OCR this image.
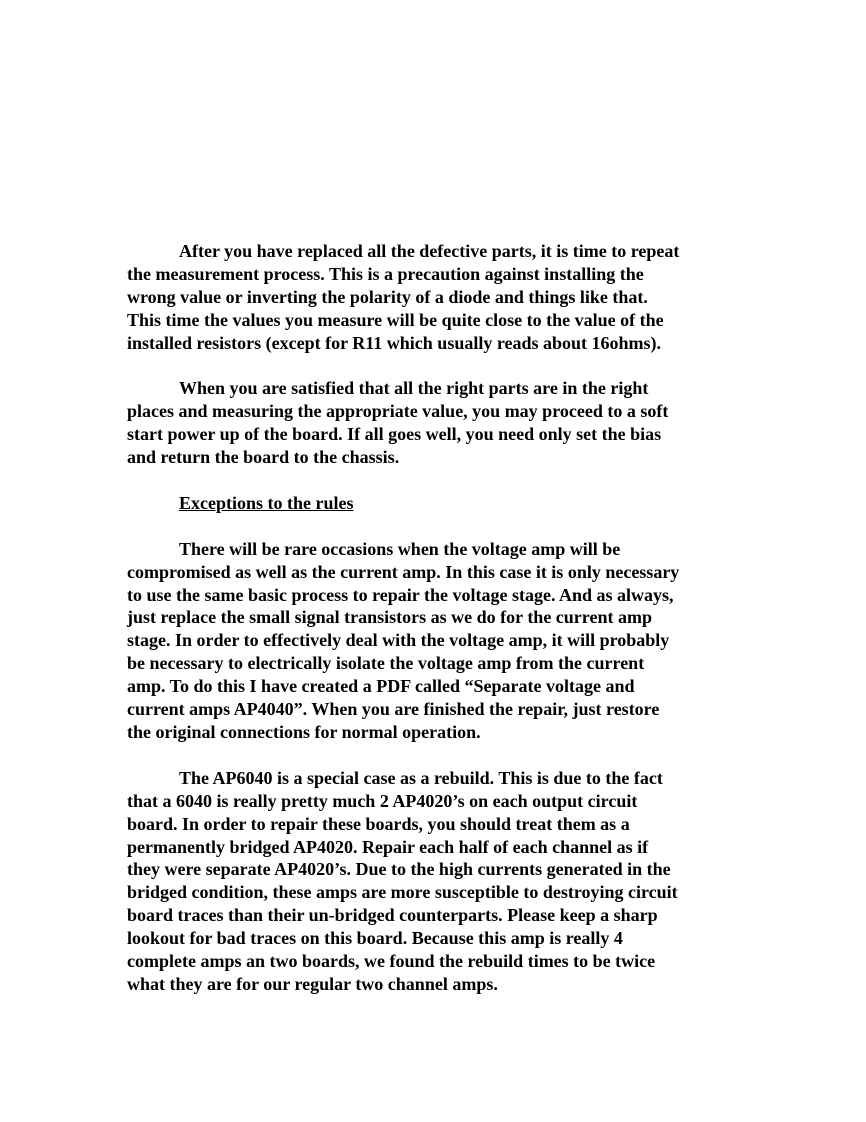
After you have replaced all the defective parts, it is time to repeat
the measurement process. This is a precaution against installing the
wrong value or inverting the polarity of a diode and things like that.
This time the values you measure will be quite close to the value of the
installed resistors (except for R11 which usually reads about 16ohms).

When you are satisfied that all the right parts are in the right
places and measuring the appropriate value, you may proceed to a soft
start power up of the board. If all goes well, you need only set the bias
and return the board to the chassis.

Exceptions to the rules

There will be rare occasions when the voltage amp will be
compromised as well as the current amp. In this case it is only necessary
to use the same basic process to repair the voltage stage. And as always,
just replace the small signal transistors as we do for the current amp
stage. In order to effectively deal with the voltage amp, it will probably
be necessary to electrically isolate the voltage amp from the current
amp. To do this I have created a PDF called “Separate voltage and
current amps AP4040”. When you are finished the repair, just restore
the original connections for normal operation.

The AP6040 is a special case as a rebuild. This is due to the fact
that a 6040 is really pretty much 2 AP4020’s on each output circuit
board. In order to repair these boards, you should treat them as a
permanently bridged AP4020. Repair each half of each channel as if
they were separate AP4020’s. Due to the high currents generated in the
bridged condition, these amps are more susceptible to destroying circuit
board traces than their un-bridged counterparts. Please keep a sharp
lookout for bad traces on this board. Because this amp is really 4
complete amps an two boards, we found the rebuild times to be twice
what they are for our regular two channel amps.
